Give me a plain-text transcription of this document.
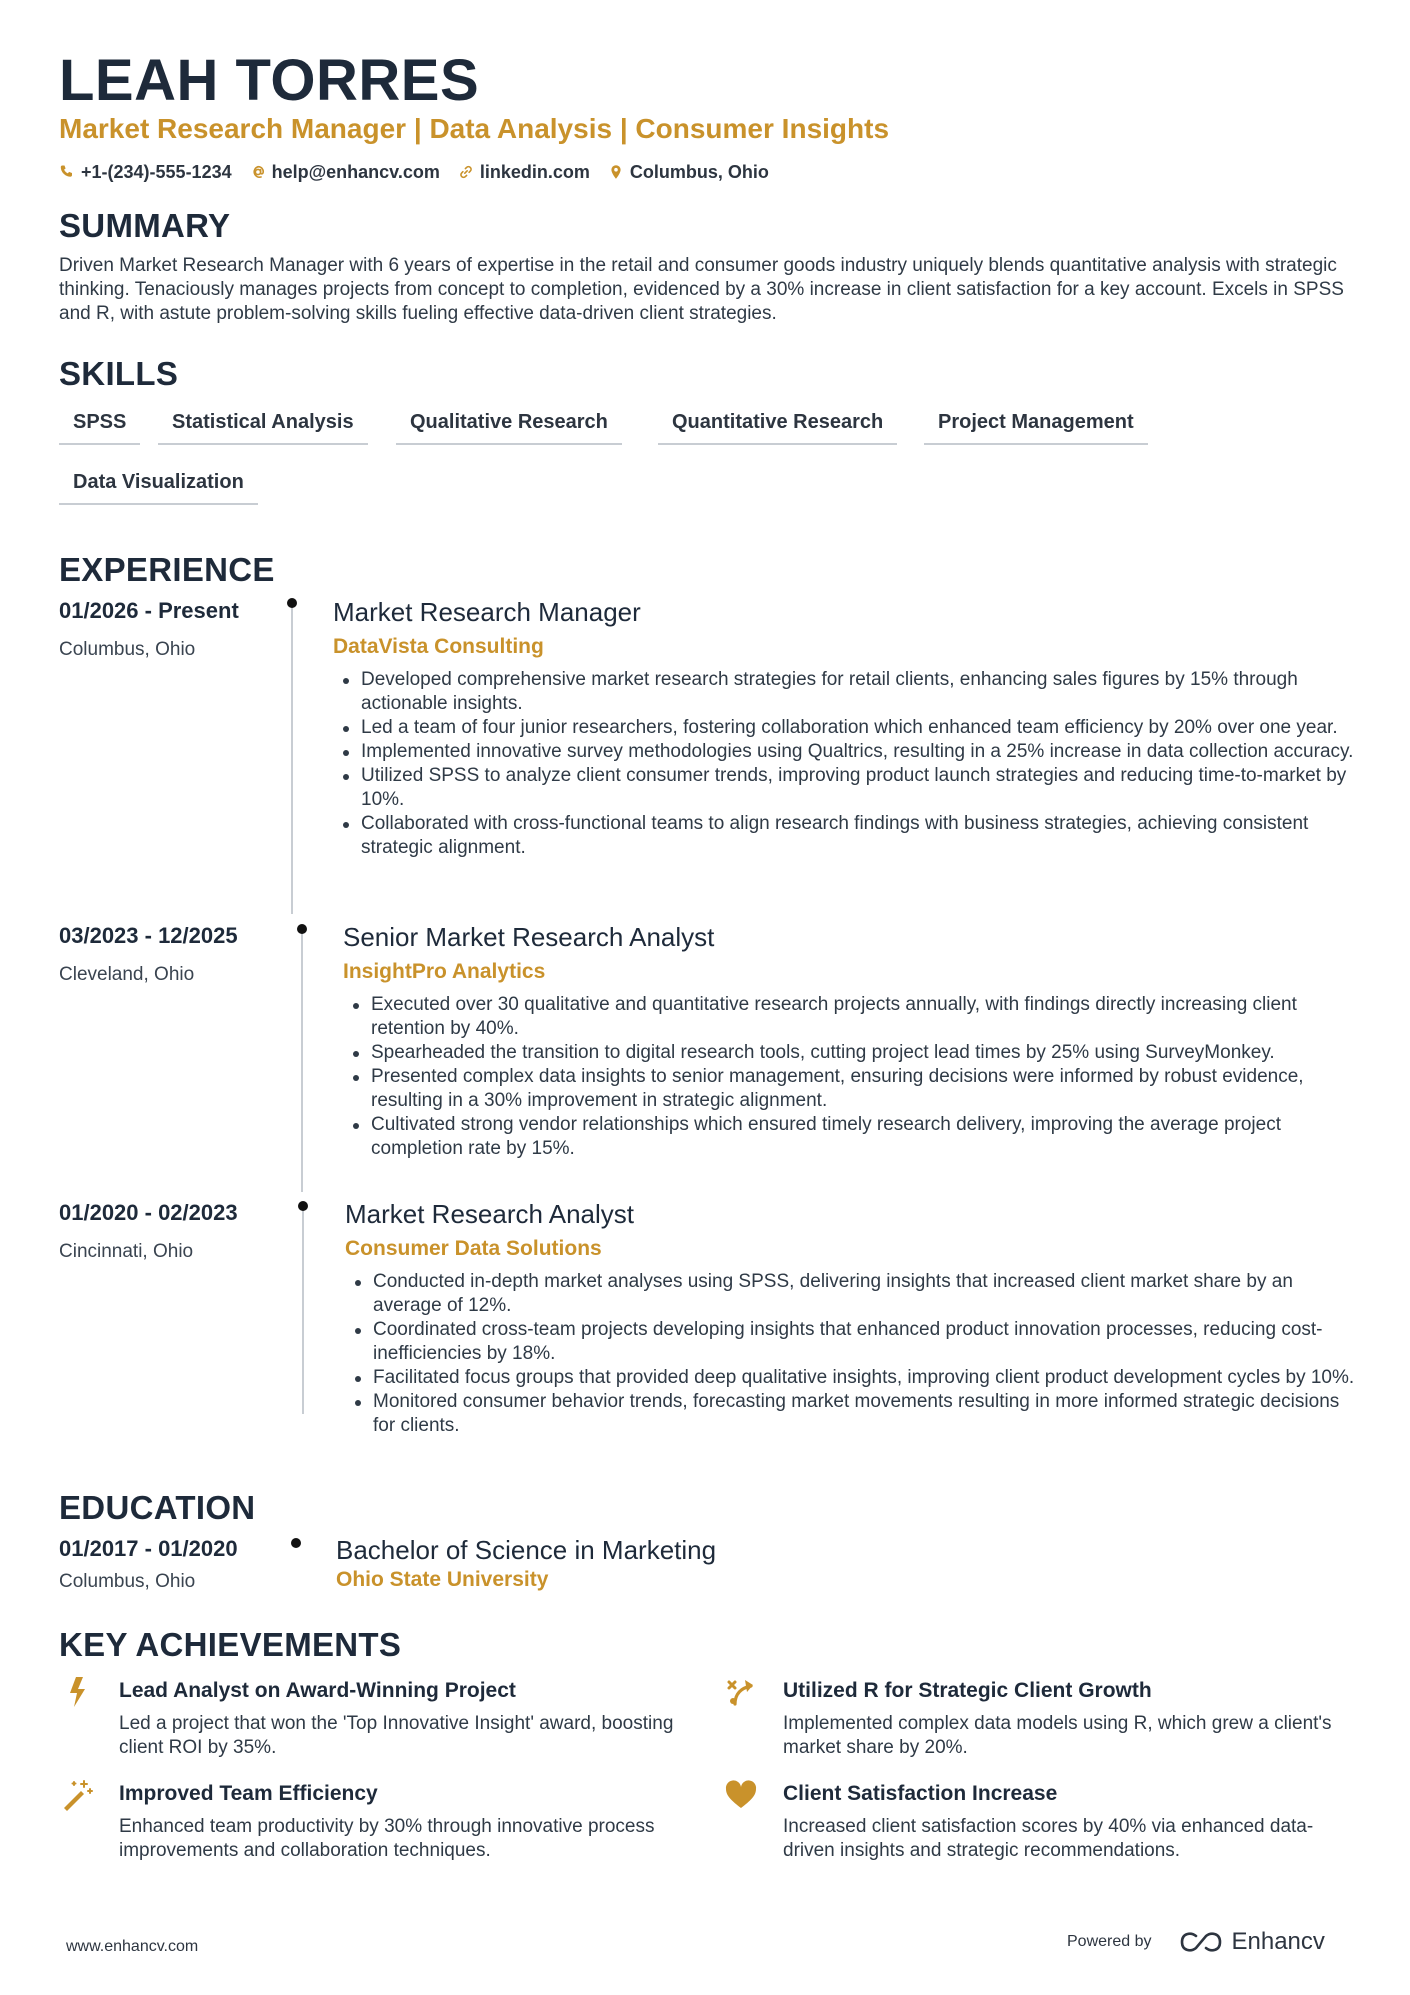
LEAH TORRES
Market Research Manager | Data Analysis | Consumer Insights
+1-(234)-555-1234 help@enhancv.com linkedin.com Columbus, Ohio
SUMMARY
Driven Market Research Manager with 6 years of expertise in the retail and consumer goods industry uniquely blends quantitative analysis with strategic thinking. Tenaciously manages projects from concept to completion, evidenced by a 30% increase in client satisfaction for a key account. Excels in SPSS and R, with astute problem-solving skills fueling effective data-driven client strategies.
SKILLS
SPSS	Statistical Analysis	Qualitative Research	Quantitative Research	Project Management
Data Visualization
EXPERIENCE
01/2026 - Present
Columbus, Ohio
Market Research Manager
DataVista Consulting
Developed comprehensive market research strategies for retail clients, enhancing sales figures by 15% through actionable insights.
Led a team of four junior researchers, fostering collaboration which enhanced team efficiency by 20% over one year.
Implemented innovative survey methodologies using Qualtrics, resulting in a 25% increase in data collection accuracy.
Utilized SPSS to analyze client consumer trends, improving product launch strategies and reducing time-to-market by 10%.
Collaborated with cross-functional teams to align research findings with business strategies, achieving consistent strategic alignment.
03/2023 - 12/2025
Cleveland, Ohio
Senior Market Research Analyst
InsightPro Analytics
Executed over 30 qualitative and quantitative research projects annually, with findings directly increasing client retention by 40%.
Spearheaded the transition to digital research tools, cutting project lead times by 25% using SurveyMonkey.
Presented complex data insights to senior management, ensuring decisions were informed by robust evidence, resulting in a 30% improvement in strategic alignment.
Cultivated strong vendor relationships which ensured timely research delivery, improving the average project completion rate by 15%.
01/2020 - 02/2023
Cincinnati, Ohio
Market Research Analyst
Consumer Data Solutions
Conducted in-depth market analyses using SPSS, delivering insights that increased client market share by an average of 12%.
Coordinated cross-team projects developing insights that enhanced product innovation processes, reducing cost-inefficiencies by 18%.
Facilitated focus groups that provided deep qualitative insights, improving client product development cycles by 10%.
Monitored consumer behavior trends, forecasting market movements resulting in more informed strategic decisions for clients.
EDUCATION
01/2017 - 01/2020
Columbus, Ohio
Bachelor of Science in Marketing
Ohio State University
KEY ACHIEVEMENTS
Lead Analyst on Award-Winning Project
Led a project that won the 'Top Innovative Insight' award, boosting client ROI by 35%.
Utilized R for Strategic Client Growth
Implemented complex data models using R, which grew a client's market share by 20%.
Improved Team Efficiency
Enhanced team productivity by 30% through innovative process improvements and collaboration techniques.
Client Satisfaction Increase
Increased client satisfaction scores by 40% via enhanced data-driven insights and strategic recommendations.
www.enhancv.com	Powered by	Enhancv
